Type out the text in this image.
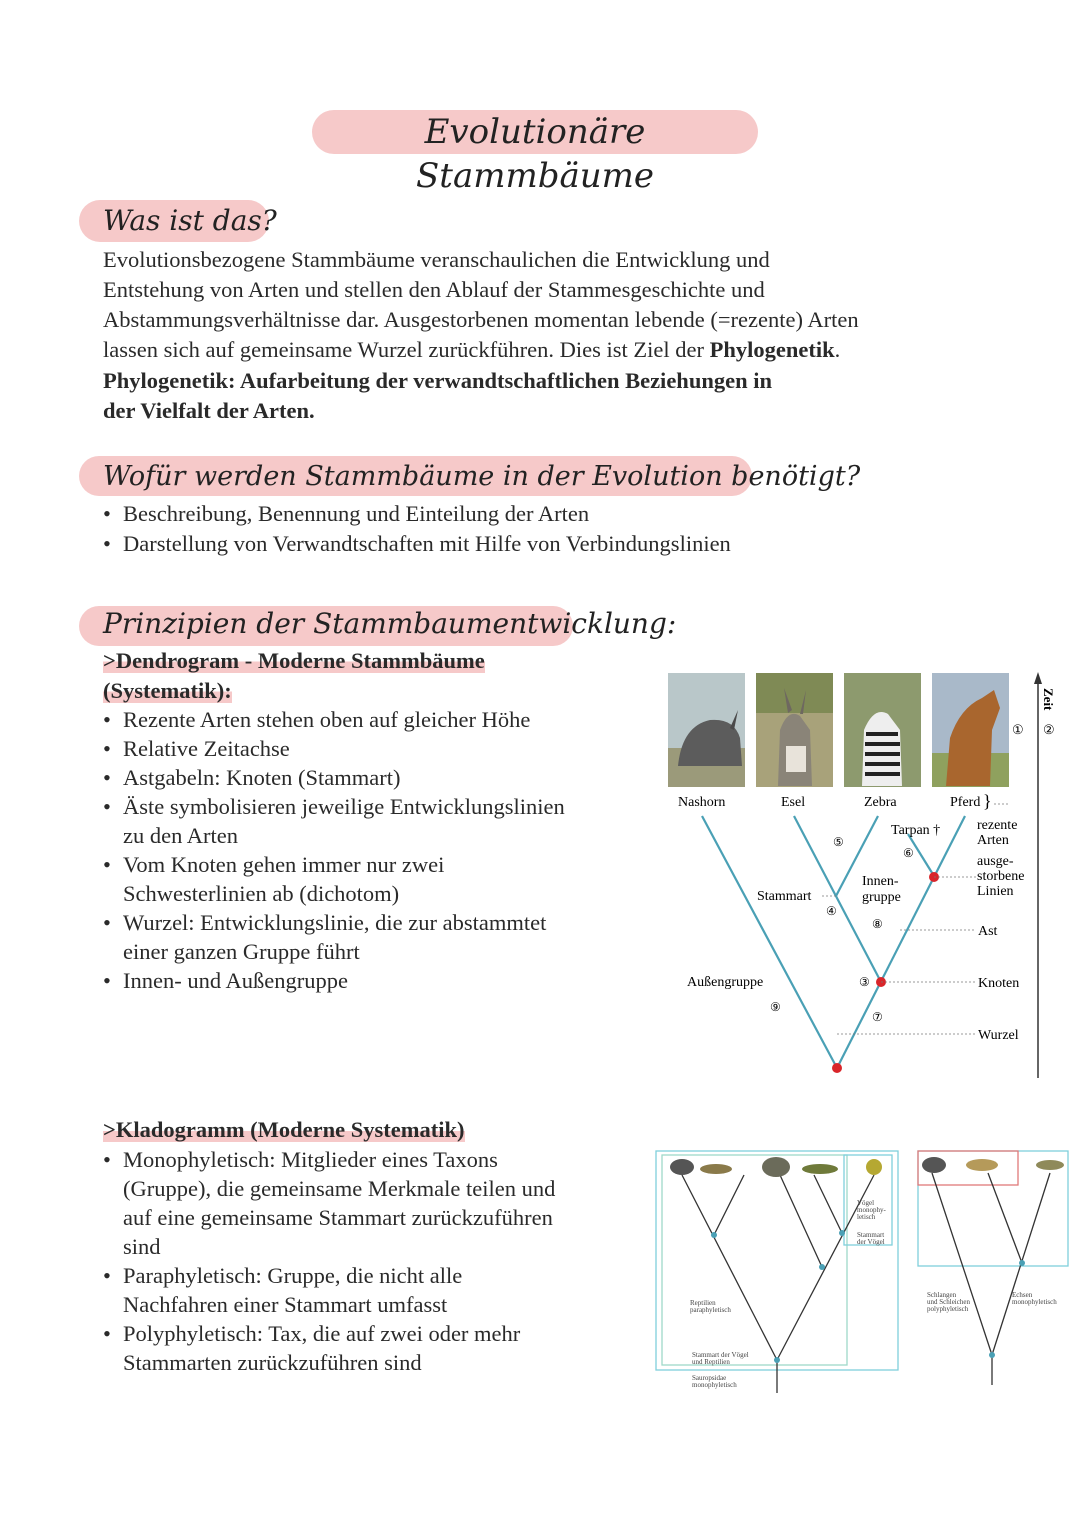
Evolutionäre Stammbäume
Was ist das?
Evolutionsbezogene Stammbäume veranschaulichen die Entwicklung und
Entstehung von Arten und stellen den Ablauf der Stammesgeschichte und
Abstammungsverhältnisse dar. Ausgestorbenen momentan lebende (=rezente) Arten
lassen sich auf gemeinsame Wurzel zurückführen. Dies ist Ziel der Phylogenetik.
Phylogenetik: Aufarbeitung der verwandtschaftlichen Beziehungen in
der Vielfalt der Arten.
Wofür werden Stammbäume in der Evolution benötigt?
• Beschreibung, Benennung und Einteilung der Arten
• Darstellung von Verwandtschaften mit Hilfe von Verbindungslinien
Prinzipien der Stammbaumentwicklung:
>Dendrogram - Moderne Stammbäume
(Systematik):
• Rezente Arten stehen oben auf gleicher Höhe
• Relative Zeitachse
• Astgabeln: Knoten (Stammart)
• Äste symbolisieren jeweilige Entwicklungslinien
zu den Arten
• Vom Knoten gehen immer nur zwei
Schwesterlinien ab (dichotom)
• Wurzel: Entwicklungslinie, die zur abstammtet
einer ganzen Gruppe führt
• Innen- und Außengruppe
Zeit
① ②
Nashorn	Esel	Zebra	Pferd }
Tarpan †	rezente Arten
ausge-storbene Linien
Stammart
Innen-gruppe
Ast
Knoten
Wurzel
Außengruppe	③
④
⑤
⑥
⑦
⑧
⑨
>Kladogramm (Moderne Systematik)
• Monophyletisch: Mitglieder eines Taxons
(Gruppe), die gemeinsame Merkmale teilen und
auf eine gemeinsame Stammart zurückzuführen
sind
• Paraphyletisch: Gruppe, die nicht alle
Nachfahren einer Stammart umfasst
• Polyphyletisch: Tax, die auf zwei oder mehr
Stammarten zurückzuführen sind
Vögel monophy-letisch
Stammart der Vögel
Reptilien paraphyletisch
Stammart der Vögel und Reptilien
Sauropsidae monophyletisch
Schlangen und Schleichen polyphyletisch
Echsen monophyletisch
